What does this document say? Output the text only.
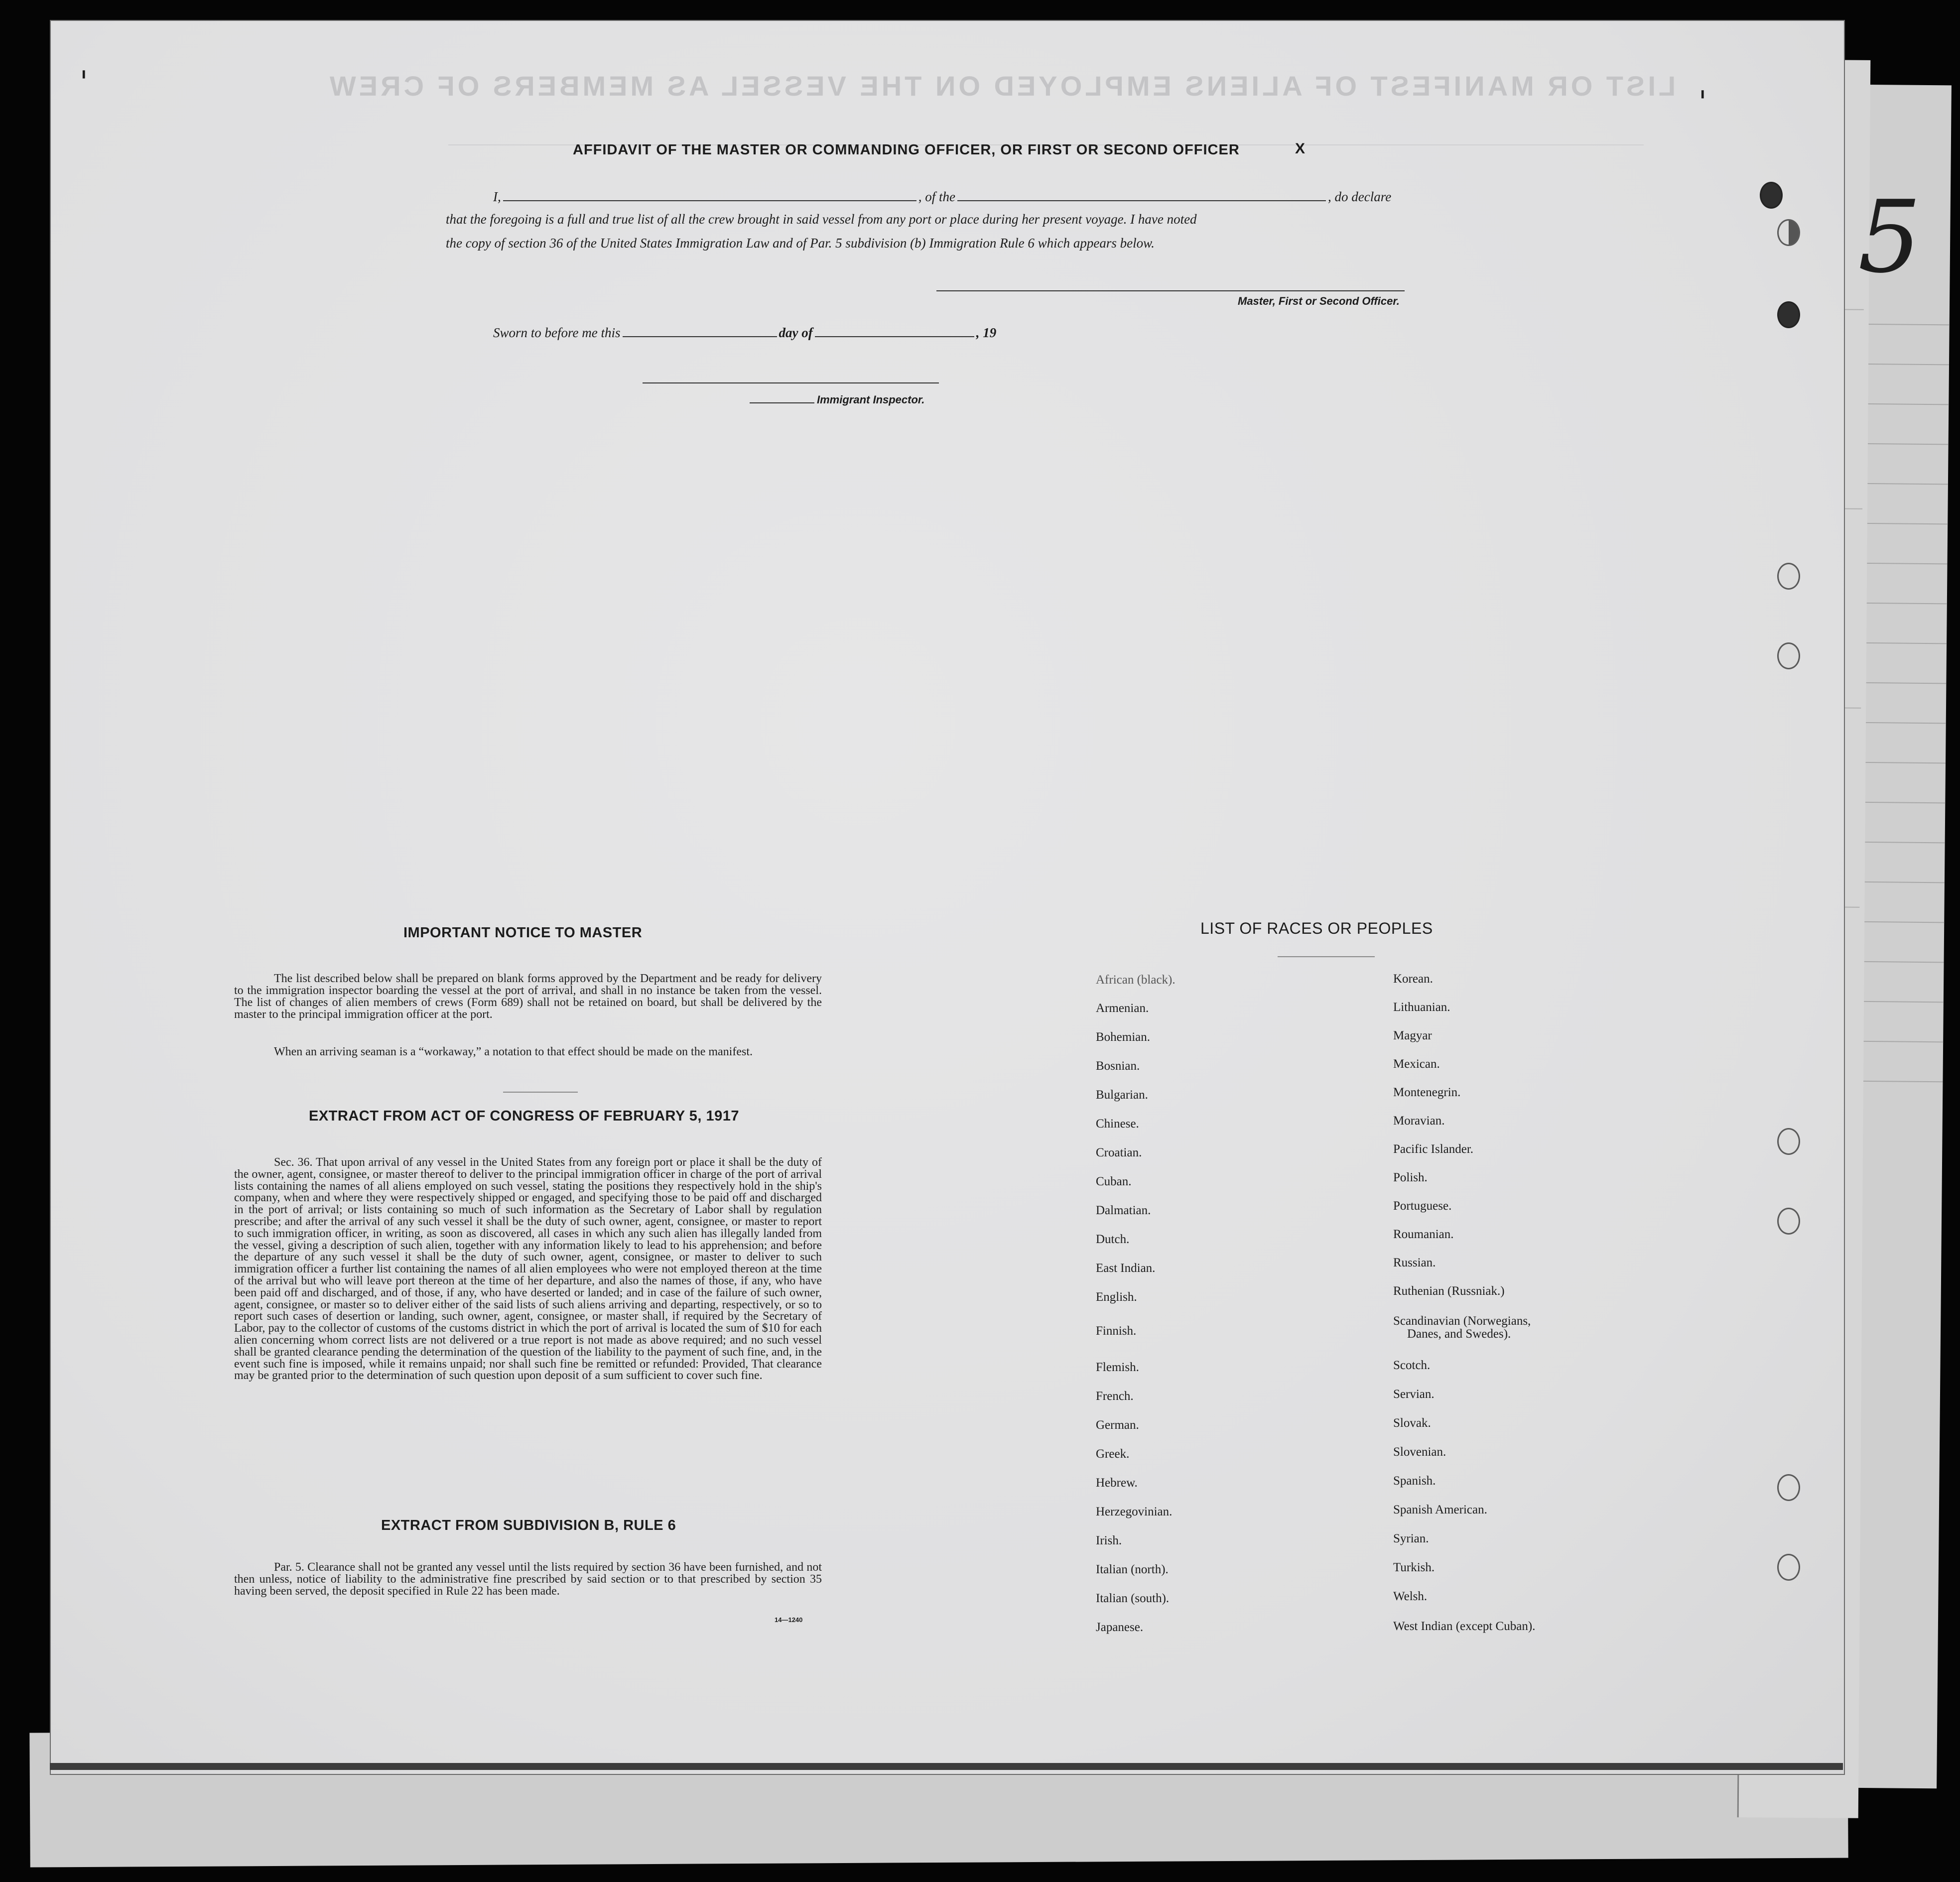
LIST OR MANIFEST OF ALIENS EMPLOYED ON THE VESSEL AS MEMBERS OF CREW
5
'
'
AFFIDAVIT OF THE MASTER OR COMMANDING OFFICER, OR FIRST OR SECOND OFFICER	X
I,	, of the	, do declare
that the foregoing is a full and true list of all the crew brought in said vessel from any port or place during her present voyage. I have noted
the copy of section 36 of the United States Immigration Law and of Par. 5 subdivision (b) Immigration Rule 6 which appears below.
Master, First or Second Officer.
Sworn to before me this	day of	, 19
Immigrant Inspector.
IMPORTANT NOTICE TO MASTER
The list described below shall be prepared on blank forms approved by the Department and be ready for delivery to the immigration inspector boarding the vessel at the port of arrival, and shall in no instance be taken from the vessel. The list of changes of alien members of crews (Form 689) shall not be retained on board, but shall be delivered by the master to the principal immigration officer at the port.
When an arriving seaman is a “workaway,” a notation to that effect should be made on the manifest.
EXTRACT FROM ACT OF CONGRESS OF FEBRUARY 5, 1917
Sec. 36. That upon arrival of any vessel in the United States from any foreign port or place it shall be the duty of the owner, agent, consignee, or master thereof to deliver to the principal immigration officer in charge of the port of arrival lists containing the names of all aliens employed on such vessel, stating the positions they respectively hold in the ship's company, when and where they were respectively shipped or engaged, and specifying those to be paid off and discharged in the port of arrival; or lists containing so much of such information as the Secretary of Labor shall by regulation prescribe; and after the arrival of any such vessel it shall be the duty of such owner, agent, consignee, or master to report to such immigration officer, in writing, as soon as discovered, all cases in which any such alien has illegally landed from the vessel, giving a description of such alien, together with any information likely to lead to his apprehension; and before the departure of any such vessel it shall be the duty of such owner, agent, consignee, or master to deliver to such immigration officer a further list containing the names of all alien employees who were not employed thereon at the time of the arrival but who will leave port thereon at the time of her departure, and also the names of those, if any, who have been paid off and discharged, and of those, if any, who have deserted or landed; and in case of the failure of such owner, agent, consignee, or master so to deliver either of the said lists of such aliens arriving and departing, respectively, or so to report such cases of desertion or landing, such owner, agent, consignee, or master shall, if required by the Secretary of Labor, pay to the collector of customs of the customs district in which the port of arrival is located the sum of $10 for each alien concerning whom correct lists are not delivered or a true report is not made as above required; and no such vessel shall be granted clearance pending the determination of the question of the liability to the payment of such fine, and, in the event such fine is imposed, while it remains unpaid; nor shall such fine be remitted or refunded: Provided, That clearance may be granted prior to the determination of such question upon deposit of a sum sufficient to cover such fine.
EXTRACT FROM SUBDIVISION B, RULE 6
Par. 5. Clearance shall not be granted any vessel until the lists required by section 36 have been furnished, and not then unless, notice of liability to the administrative fine prescribed by said section or to that prescribed by section 35 having been served, the deposit specified in Rule 22 has been made.
14—1240
LIST OF RACES OR PEOPLES
African (black).
Armenian.
Bohemian.
Bosnian.
Bulgarian.
Chinese.
Croatian.
Cuban.
Dalmatian.
Dutch.
East Indian.
English.
Finnish.
Flemish.
French.
German.
Greek.
Hebrew.
Herzegovinian.
Irish.
Italian (north).
Italian (south).
Japanese.
Korean.
Lithuanian.
Magyar
Mexican.
Montenegrin.
Moravian.
Pacific Islander.
Polish.
Portuguese.
Roumanian.
Russian.
Ruthenian (Russniak.)
Scandinavian (Norwegians,
Danes, and Swedes).
Scotch.
Servian.
Slovak.
Slovenian.
Spanish.
Spanish American.
Syrian.
Turkish.
Welsh.
West Indian (except Cuban).
